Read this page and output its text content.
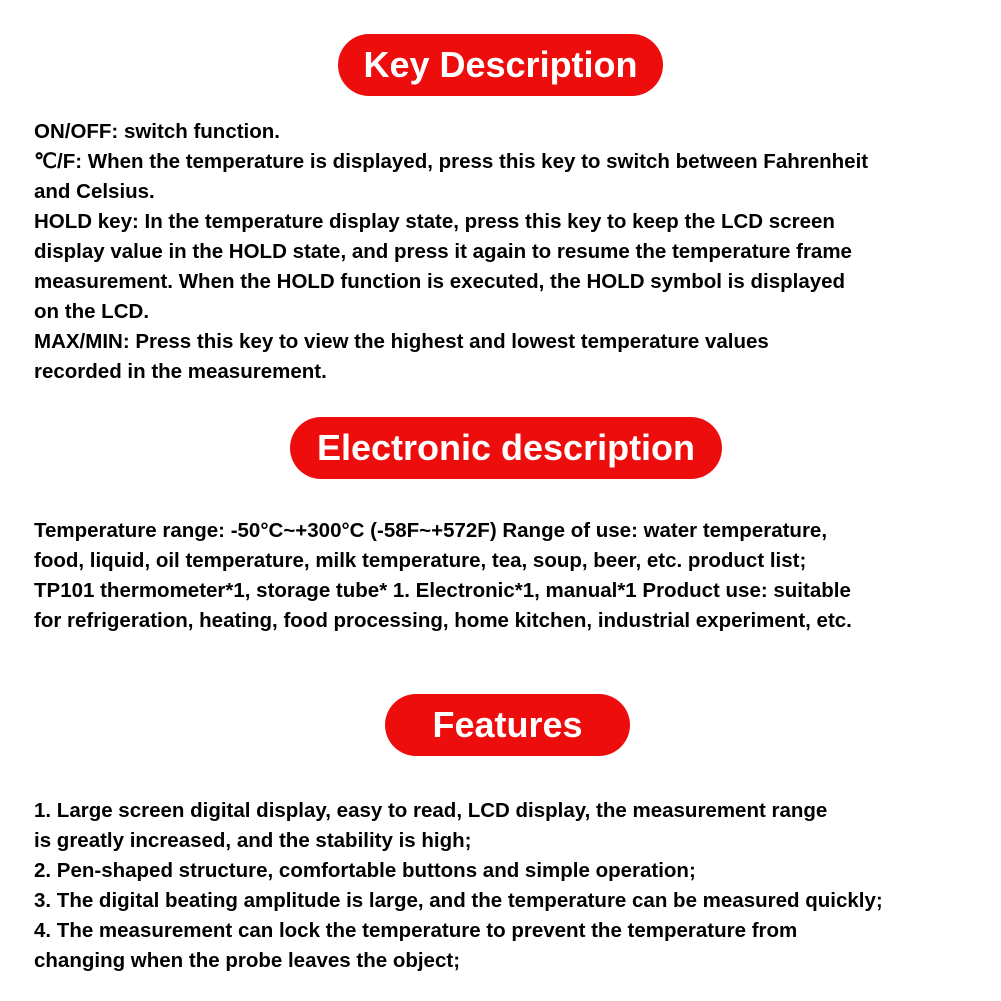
Key Description
ON/OFF: switch function.
℃/F: When the temperature is displayed, press this key to switch between Fahrenheit
and Celsius.
HOLD key: In the temperature display state, press this key to keep the LCD screen
display value in the HOLD state, and press it again to resume the temperature frame
measurement. When the HOLD function is executed, the HOLD symbol is displayed
on the LCD.
MAX/MIN: Press this key to view the highest and lowest temperature values
recorded in the measurement.
Electronic description
Temperature range: -50°C~+300°C (-58F~+572F) Range of use: water temperature,
food, liquid, oil temperature, milk temperature, tea, soup, beer, etc. product list;
TP101 thermometer*1, storage tube* 1. Electronic*1, manual*1 Product use: suitable
for refrigeration, heating, food processing, home kitchen, industrial experiment, etc.
Features
1. Large screen digital display, easy to read, LCD display, the measurement range
is greatly increased, and the stability is high;
2. Pen-shaped structure, comfortable buttons and simple operation;
3. The digital beating amplitude is large, and the temperature can be measured quickly;
4. The measurement can lock the temperature to prevent the temperature from
changing when the probe leaves the object;
